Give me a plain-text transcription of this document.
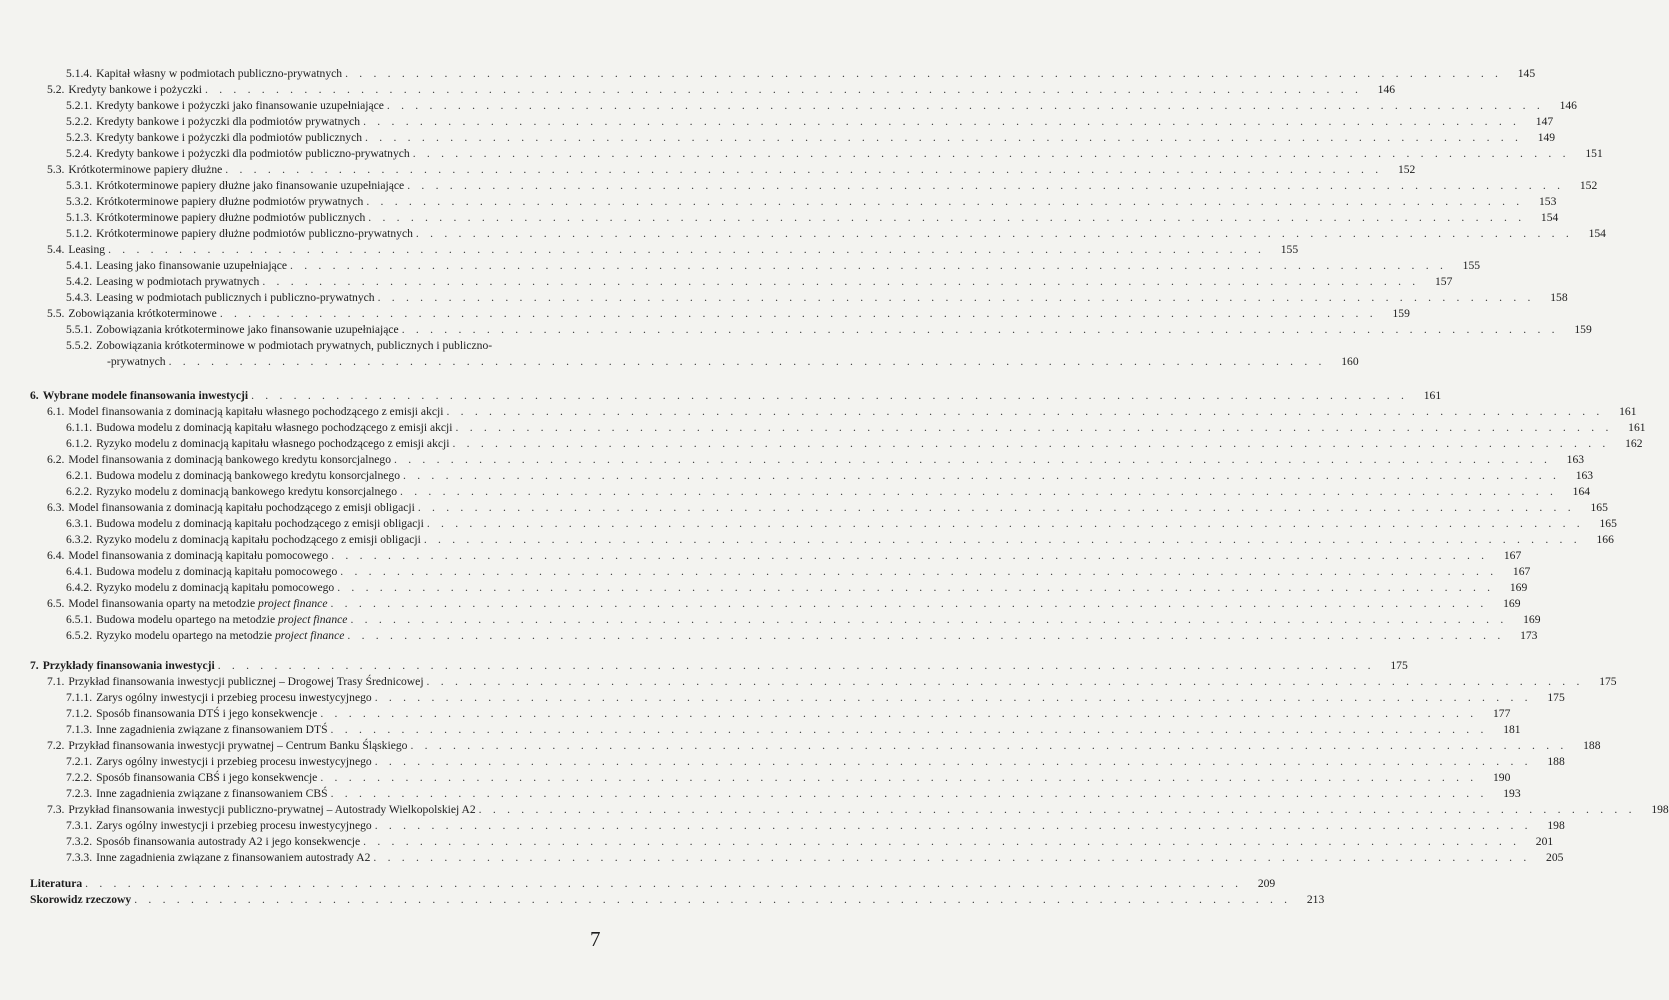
5.1.4. Kapitał własny w podmiotach publiczno-prywatnych . . . . . . . . . . . . . . . . . . . . . . . . . . . . . . . . . . . . . . . . . . . . . . . . . . . . . . . . . . . . . . . . . . . . . . . . . . . . . . . . . .	145
5.2. Kredyty bankowe i pożyczki . . . . . . . . . . . . . . . . . . . . . . . . . . . . . . . . . . . . . . . . . . . . . . . . . . . . . . . . . . . . . . . . . . . . . . . . . . . . . . . . . .	146
5.2.1. Kredyty bankowe i pożyczki jako finansowanie uzupełniające . . . . . . . . . . . . . . . . . . . . . . . . . . . . . . . . . . . . . . . . . . . . . . . . . . . . . . . . . . . . . . . . . . . . . . . . . . . . . . . . . .	146
5.2.2. Kredyty bankowe i pożyczki dla podmiotów prywatnych . . . . . . . . . . . . . . . . . . . . . . . . . . . . . . . . . . . . . . . . . . . . . . . . . . . . . . . . . . . . . . . . . . . . . . . . . . . . . . . . . .	147
5.2.3. Kredyty bankowe i pożyczki dla podmiotów publicznych . . . . . . . . . . . . . . . . . . . . . . . . . . . . . . . . . . . . . . . . . . . . . . . . . . . . . . . . . . . . . . . . . . . . . . . . . . . . . . . . . .	149
5.2.4. Kredyty bankowe i pożyczki dla podmiotów publiczno-prywatnych . . . . . . . . . . . . . . . . . . . . . . . . . . . . . . . . . . . . . . . . . . . . . . . . . . . . . . . . . . . . . . . . . . . . . . . . . . . . . . . . . .	151
5.3. Krótkoterminowe papiery dłużne . . . . . . . . . . . . . . . . . . . . . . . . . . . . . . . . . . . . . . . . . . . . . . . . . . . . . . . . . . . . . . . . . . . . . . . . . . . . . . . . . .	152
5.3.1. Krótkoterminowe papiery dłużne jako finansowanie uzupełniające . . . . . . . . . . . . . . . . . . . . . . . . . . . . . . . . . . . . . . . . . . . . . . . . . . . . . . . . . . . . . . . . . . . . . . . . . . . . . . . . . .	152
5.3.2. Krótkoterminowe papiery dłużne podmiotów prywatnych . . . . . . . . . . . . . . . . . . . . . . . . . . . . . . . . . . . . . . . . . . . . . . . . . . . . . . . . . . . . . . . . . . . . . . . . . . . . . . . . . .	153
5.1.3. Krótkoterminowe papiery dłużne podmiotów publicznych . . . . . . . . . . . . . . . . . . . . . . . . . . . . . . . . . . . . . . . . . . . . . . . . . . . . . . . . . . . . . . . . . . . . . . . . . . . . . . . . . .	154
5.1.2. Krótkoterminowe papiery dłużne podmiotów publiczno-prywatnych . . . . . . . . . . . . . . . . . . . . . . . . . . . . . . . . . . . . . . . . . . . . . . . . . . . . . . . . . . . . . . . . . . . . . . . . . . . . . . . . . .	154
5.4. Leasing . . . . . . . . . . . . . . . . . . . . . . . . . . . . . . . . . . . . . . . . . . . . . . . . . . . . . . . . . . . . . . . . . . . . . . . . . . . . . . . . . .	155
5.4.1. Leasing jako finansowanie uzupełniające . . . . . . . . . . . . . . . . . . . . . . . . . . . . . . . . . . . . . . . . . . . . . . . . . . . . . . . . . . . . . . . . . . . . . . . . . . . . . . . . . .	155
5.4.2. Leasing w podmiotach prywatnych . . . . . . . . . . . . . . . . . . . . . . . . . . . . . . . . . . . . . . . . . . . . . . . . . . . . . . . . . . . . . . . . . . . . . . . . . . . . . . . . . .	157
5.4.3. Leasing w podmiotach publicznych i publiczno-prywatnych . . . . . . . . . . . . . . . . . . . . . . . . . . . . . . . . . . . . . . . . . . . . . . . . . . . . . . . . . . . . . . . . . . . . . . . . . . . . . . . . . .	158
5.5. Zobowiązania krótkoterminowe . . . . . . . . . . . . . . . . . . . . . . . . . . . . . . . . . . . . . . . . . . . . . . . . . . . . . . . . . . . . . . . . . . . . . . . . . . . . . . . . . .	159
5.5.1. Zobowiązania krótkoterminowe jako finansowanie uzupełniające . . . . . . . . . . . . . . . . . . . . . . . . . . . . . . . . . . . . . . . . . . . . . . . . . . . . . . . . . . . . . . . . . . . . . . . . . . . . . . . . . .	159
5.5.2. Zobowiązania krótkoterminowe w podmiotach prywatnych, publicznych i publiczno-
-prywatnych . . . . . . . . . . . . . . . . . . . . . . . . . . . . . . . . . . . . . . . . . . . . . . . . . . . . . . . . . . . . . . . . . . . . . . . . . . . . . . . . . .	160
6. Wybrane modele finansowania inwestycji . . . . . . . . . . . . . . . . . . . . . . . . . . . . . . . . . . . . . . . . . . . . . . . . . . . . . . . . . . . . . . . . . . . . . . . . . . . . . . . . . .	161
6.1. Model finansowania z dominacją kapitału własnego pochodzącego z emisji akcji . . . . . . . . . . . . . . . . . . . . . . . . . . . . . . . . . . . . . . . . . . . . . . . . . . . . . . . . . . . . . . . . . . . . . . . . . . . . . . . . . .	161
6.1.1. Budowa modelu z dominacją kapitału własnego pochodzącego z emisji akcji . . . . . . . . . . . . . . . . . . . . . . . . . . . . . . . . . . . . . . . . . . . . . . . . . . . . . . . . . . . . . . . . . . . . . . . . . . . . . . . . . .	161
6.1.2. Ryzyko modelu z dominacją kapitału własnego pochodzącego z emisji akcji . . . . . . . . . . . . . . . . . . . . . . . . . . . . . . . . . . . . . . . . . . . . . . . . . . . . . . . . . . . . . . . . . . . . . . . . . . . . . . . . . .	162
6.2. Model finansowania z dominacją bankowego kredytu konsorcjalnego . . . . . . . . . . . . . . . . . . . . . . . . . . . . . . . . . . . . . . . . . . . . . . . . . . . . . . . . . . . . . . . . . . . . . . . . . . . . . . . . . .	163
6.2.1. Budowa modelu z dominacją bankowego kredytu konsorcjalnego . . . . . . . . . . . . . . . . . . . . . . . . . . . . . . . . . . . . . . . . . . . . . . . . . . . . . . . . . . . . . . . . . . . . . . . . . . . . . . . . . .	163
6.2.2. Ryzyko modelu z dominacją bankowego kredytu konsorcjalnego . . . . . . . . . . . . . . . . . . . . . . . . . . . . . . . . . . . . . . . . . . . . . . . . . . . . . . . . . . . . . . . . . . . . . . . . . . . . . . . . . .	164
6.3. Model finansowania z dominacją kapitału pochodzącego z emisji obligacji . . . . . . . . . . . . . . . . . . . . . . . . . . . . . . . . . . . . . . . . . . . . . . . . . . . . . . . . . . . . . . . . . . . . . . . . . . . . . . . . . .	165
6.3.1. Budowa modelu z dominacją kapitału pochodzącego z emisji obligacji . . . . . . . . . . . . . . . . . . . . . . . . . . . . . . . . . . . . . . . . . . . . . . . . . . . . . . . . . . . . . . . . . . . . . . . . . . . . . . . . . .	165
6.3.2. Ryzyko modelu z dominacją kapitału pochodzącego z emisji obligacji . . . . . . . . . . . . . . . . . . . . . . . . . . . . . . . . . . . . . . . . . . . . . . . . . . . . . . . . . . . . . . . . . . . . . . . . . . . . . . . . . .	166
6.4. Model finansowania z dominacją kapitału pomocowego . . . . . . . . . . . . . . . . . . . . . . . . . . . . . . . . . . . . . . . . . . . . . . . . . . . . . . . . . . . . . . . . . . . . . . . . . . . . . . . . . .	167
6.4.1. Budowa modelu z dominacją kapitału pomocowego . . . . . . . . . . . . . . . . . . . . . . . . . . . . . . . . . . . . . . . . . . . . . . . . . . . . . . . . . . . . . . . . . . . . . . . . . . . . . . . . . .	167
6.4.2. Ryzyko modelu z dominacją kapitału pomocowego . . . . . . . . . . . . . . . . . . . . . . . . . . . . . . . . . . . . . . . . . . . . . . . . . . . . . . . . . . . . . . . . . . . . . . . . . . . . . . . . . .	169
6.5. Model finansowania oparty na metodzie project finance . . . . . . . . . . . . . . . . . . . . . . . . . . . . . . . . . . . . . . . . . . . . . . . . . . . . . . . . . . . . . . . . . . . . . . . . . . . . . . . . . .	169
6.5.1. Budowa modelu opartego na metodzie project finance . . . . . . . . . . . . . . . . . . . . . . . . . . . . . . . . . . . . . . . . . . . . . . . . . . . . . . . . . . . . . . . . . . . . . . . . . . . . . . . . . .	169
6.5.2. Ryzyko modelu opartego na metodzie project finance . . . . . . . . . . . . . . . . . . . . . . . . . . . . . . . . . . . . . . . . . . . . . . . . . . . . . . . . . . . . . . . . . . . . . . . . . . . . . . . . . .	173
7. Przykłady finansowania inwestycji . . . . . . . . . . . . . . . . . . . . . . . . . . . . . . . . . . . . . . . . . . . . . . . . . . . . . . . . . . . . . . . . . . . . . . . . . . . . . . . . . .	175
7.1. Przykład finansowania inwestycji publicznej – Drogowej Trasy Średnicowej . . . . . . . . . . . . . . . . . . . . . . . . . . . . . . . . . . . . . . . . . . . . . . . . . . . . . . . . . . . . . . . . . . . . . . . . . . . . . . . . . .	175
7.1.1. Zarys ogólny inwestycji i przebieg procesu inwestycyjnego . . . . . . . . . . . . . . . . . . . . . . . . . . . . . . . . . . . . . . . . . . . . . . . . . . . . . . . . . . . . . . . . . . . . . . . . . . . . . . . . . .	175
7.1.2. Sposób finansowania DTŚ i jego konsekwencje . . . . . . . . . . . . . . . . . . . . . . . . . . . . . . . . . . . . . . . . . . . . . . . . . . . . . . . . . . . . . . . . . . . . . . . . . . . . . . . . . .	177
7.1.3. Inne zagadnienia związane z finansowaniem DTŚ . . . . . . . . . . . . . . . . . . . . . . . . . . . . . . . . . . . . . . . . . . . . . . . . . . . . . . . . . . . . . . . . . . . . . . . . . . . . . . . . . .	181
7.2. Przykład finansowania inwestycji prywatnej – Centrum Banku Śląskiego . . . . . . . . . . . . . . . . . . . . . . . . . . . . . . . . . . . . . . . . . . . . . . . . . . . . . . . . . . . . . . . . . . . . . . . . . . . . . . . . . .	188
7.2.1. Zarys ogólny inwestycji i przebieg procesu inwestycyjnego . . . . . . . . . . . . . . . . . . . . . . . . . . . . . . . . . . . . . . . . . . . . . . . . . . . . . . . . . . . . . . . . . . . . . . . . . . . . . . . . . .	188
7.2.2. Sposób finansowania CBŚ i jego konsekwencje . . . . . . . . . . . . . . . . . . . . . . . . . . . . . . . . . . . . . . . . . . . . . . . . . . . . . . . . . . . . . . . . . . . . . . . . . . . . . . . . . .	190
7.2.3. Inne zagadnienia związane z finansowaniem CBŚ . . . . . . . . . . . . . . . . . . . . . . . . . . . . . . . . . . . . . . . . . . . . . . . . . . . . . . . . . . . . . . . . . . . . . . . . . . . . . . . . . .	193
7.3. Przykład finansowania inwestycji publiczno-prywatnej – Autostrady Wielkopolskiej A2 . . . . . . . . . . . . . . . . . . . . . . . . . . . . . . . . . . . . . . . . . . . . . . . . . . . . . . . . . . . . . . . . . . . . . . . . . . . . . . . . . .	198
7.3.1. Zarys ogólny inwestycji i przebieg procesu inwestycyjnego . . . . . . . . . . . . . . . . . . . . . . . . . . . . . . . . . . . . . . . . . . . . . . . . . . . . . . . . . . . . . . . . . . . . . . . . . . . . . . . . . .	198
7.3.2. Sposób finansowania autostrady A2 i jego konsekwencje . . . . . . . . . . . . . . . . . . . . . . . . . . . . . . . . . . . . . . . . . . . . . . . . . . . . . . . . . . . . . . . . . . . . . . . . . . . . . . . . . .	201
7.3.3. Inne zagadnienia związane z finansowaniem autostrady A2 . . . . . . . . . . . . . . . . . . . . . . . . . . . . . . . . . . . . . . . . . . . . . . . . . . . . . . . . . . . . . . . . . . . . . . . . . . . . . . . . . .	205
Literatura . . . . . . . . . . . . . . . . . . . . . . . . . . . . . . . . . . . . . . . . . . . . . . . . . . . . . . . . . . . . . . . . . . . . . . . . . . . . . . . . . .	209
Skorowidz rzeczowy . . . . . . . . . . . . . . . . . . . . . . . . . . . . . . . . . . . . . . . . . . . . . . . . . . . . . . . . . . . . . . . . . . . . . . . . . . . . . . . . . .	213
7
